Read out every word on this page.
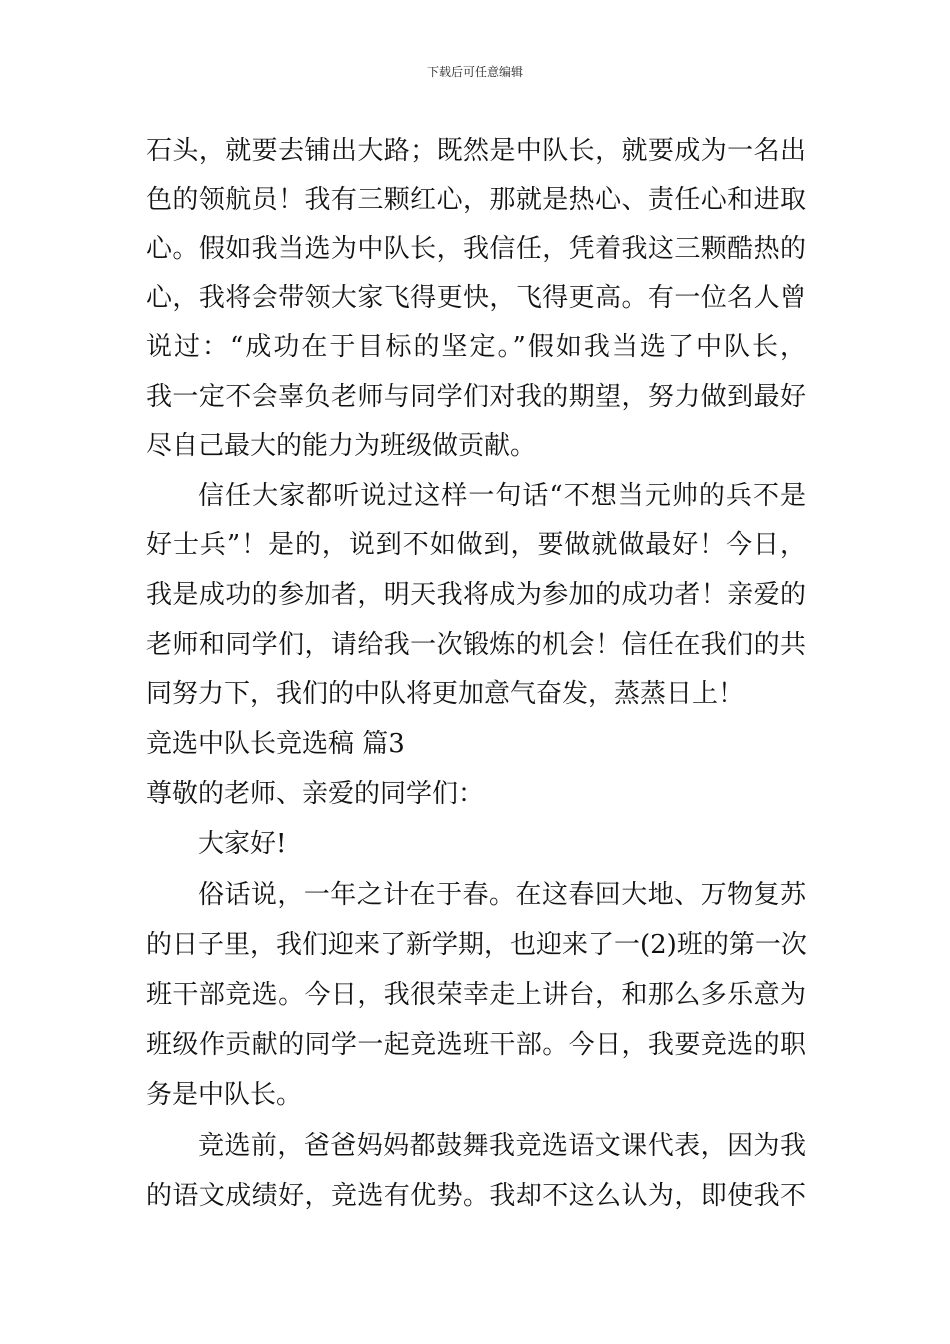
下载后可任意编辑
石头，就要去铺出大路；既然是中队长，就要成为一名出
色的领航员！我有三颗红心，那就是热心、责任心和进取
心。假如我当选为中队长，我信任，凭着我这三颗酷热的
心，我将会带领大家飞得更快，飞得更高。有一位名人曾
说过：“成功在于目标的坚定。”假如我当选了中队长，
我一定不会辜负老师与同学们对我的期望，努力做到最好
尽自己最大的能力为班级做贡献。
信任大家都听说过这样一句话“不想当元帅的兵不是
好士兵”！是的，说到不如做到，要做就做最好！今日，
我是成功的参加者，明天我将成为参加的成功者！亲爱的
老师和同学们，请给我一次锻炼的机会！信任在我们的共
同努力下，我们的中队将更加意气奋发，蒸蒸日上！
竞选中队长竞选稿 篇3
尊敬的老师、亲爱的同学们：
大家好!
俗话说，一年之计在于春。在这春回大地、万物复苏
的日子里，我们迎来了新学期，也迎来了一(2)班的第一次
班干部竞选。今日，我很荣幸走上讲台，和那么多乐意为
班级作贡献的同学一起竞选班干部。今日，我要竞选的职
务是中队长。
竞选前，爸爸妈妈都鼓舞我竞选语文课代表，因为我
的语文成绩好，竞选有优势。我却不这么认为，即使我不
